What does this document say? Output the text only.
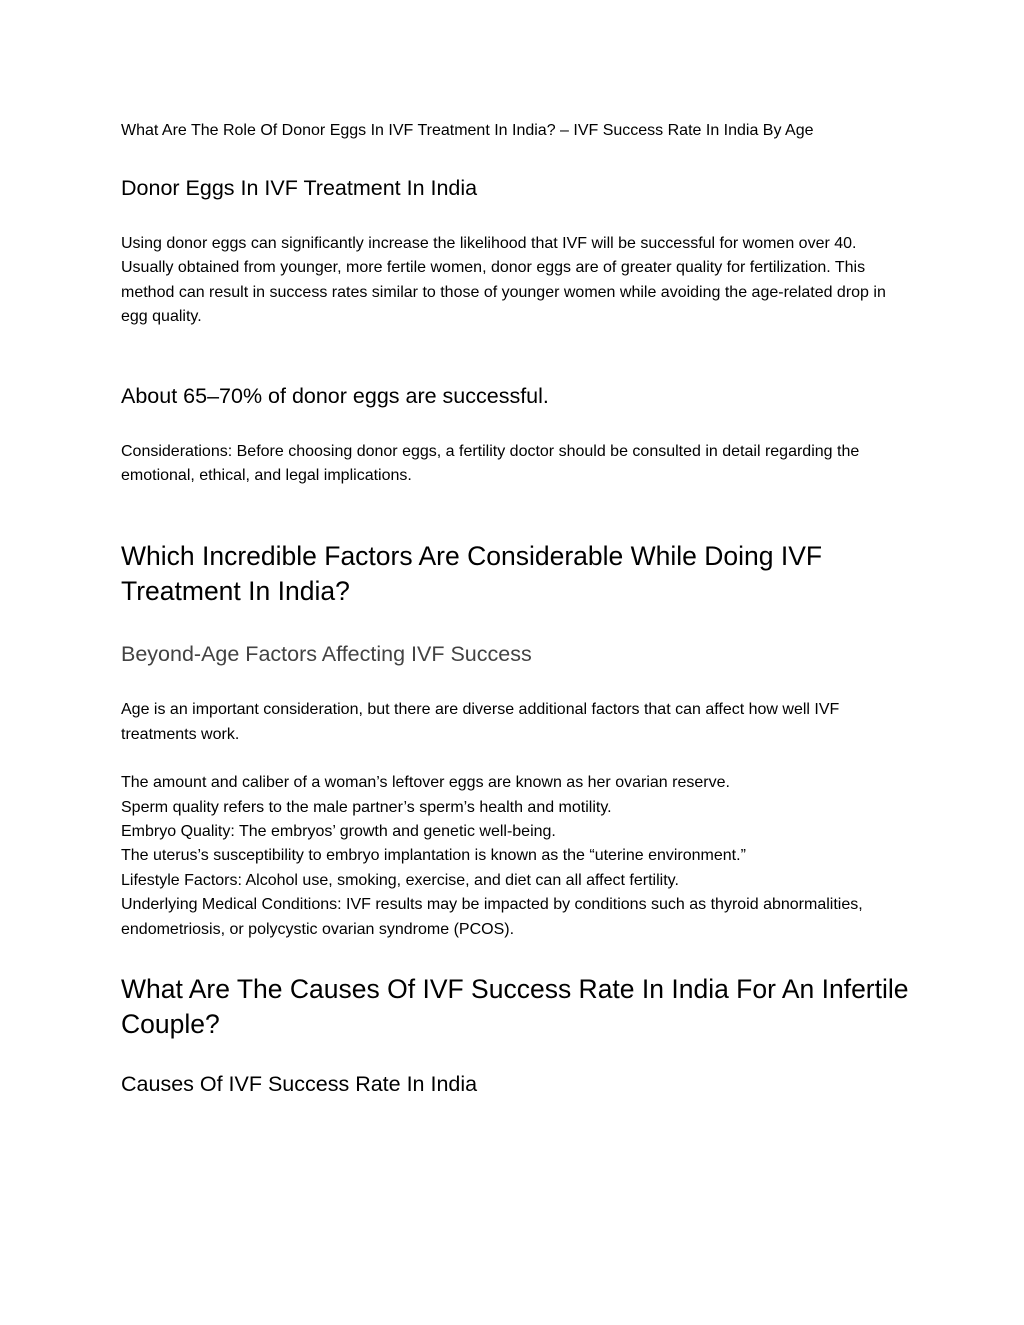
What Are The Role Of Donor Eggs In IVF Treatment In India? – IVF Success Rate In India By Age

Donor Eggs In IVF Treatment In India

Using donor eggs can significantly increase the likelihood that IVF will be successful for women over 40. Usually obtained from younger, more fertile women, donor eggs are of greater quality for fertilization. This method can result in success rates similar to those of younger women while avoiding the age-related drop in egg quality.

About 65–70% of donor eggs are successful.

Considerations: Before choosing donor eggs, a fertility doctor should be consulted in detail regarding the emotional, ethical, and legal implications.

Which Incredible Factors Are Considerable While Doing IVF Treatment In India?
Beyond-Age Factors Affecting IVF Success

Age is an important consideration, but there are diverse additional factors that can affect how well IVF treatments work.

The amount and caliber of a woman’s leftover eggs are known as her ovarian reserve.
Sperm quality refers to the male partner’s sperm’s health and motility.
Embryo Quality: The embryos’ growth and genetic well-being.
The uterus’s susceptibility to embryo implantation is known as the “uterine environment.”
Lifestyle Factors: Alcohol use, smoking, exercise, and diet can all affect fertility.
Underlying Medical Conditions: IVF results may be impacted by conditions such as thyroid abnormalities, endometriosis, or polycystic ovarian syndrome (PCOS).
What Are The Causes Of IVF Success Rate In India For An Infertile Couple?
Causes Of IVF Success Rate In India
